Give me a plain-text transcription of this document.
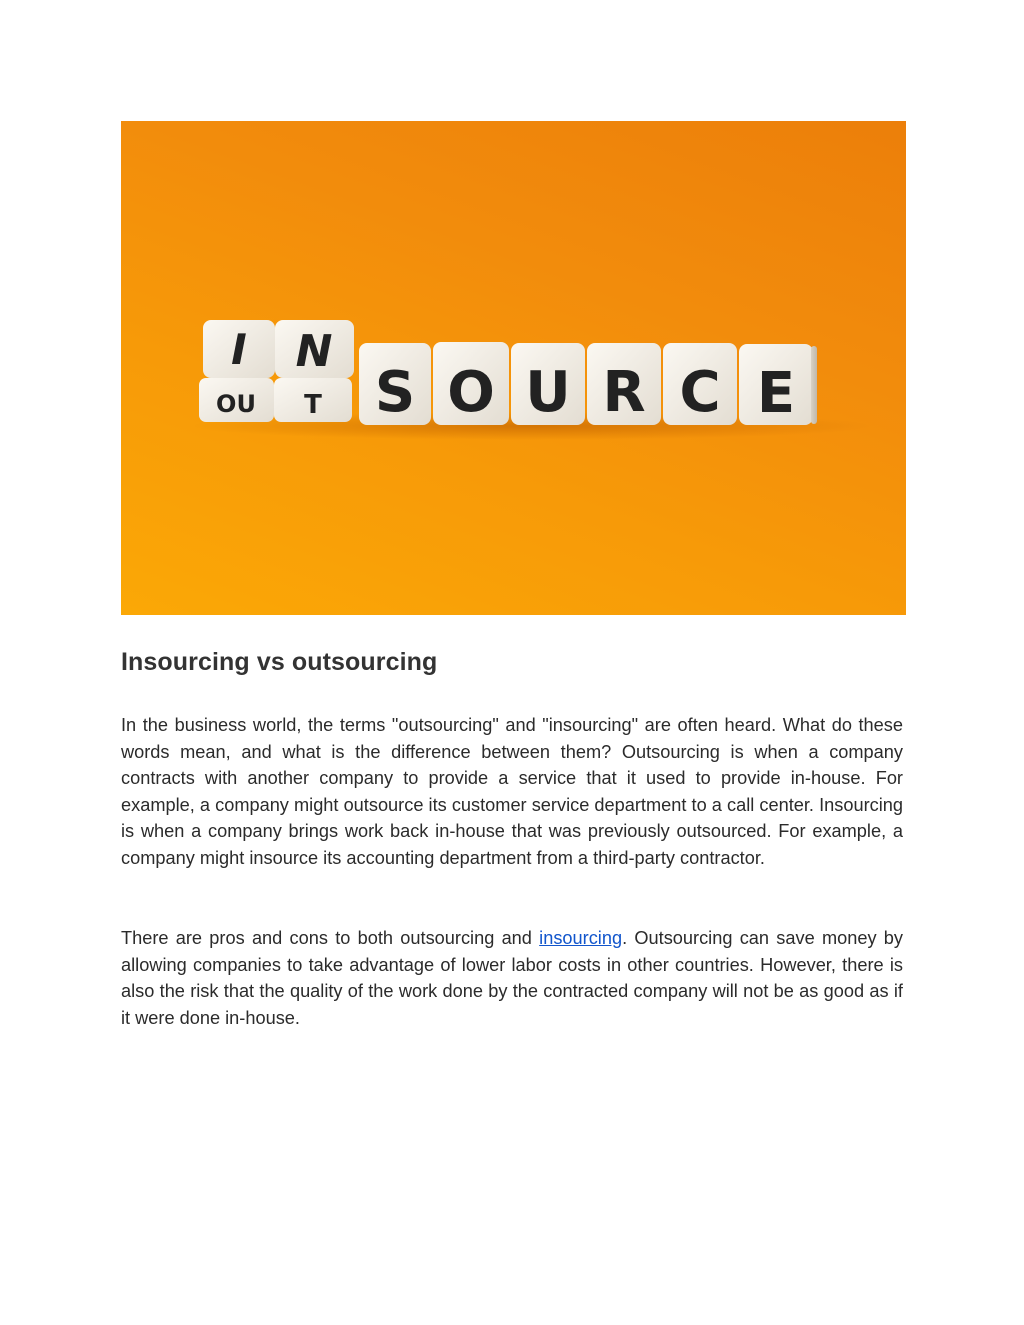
I N
OU T S O U R C E
Insourcing vs outsourcing

In the business world, the terms "outsourcing" and "insourcing" are often heard. What do these words mean, and what is the difference between them? Outsourcing is when a company contracts with another company to provide a service that it used to provide in-house. For example, a company might outsource its customer service department to a call center. Insourcing is when a company brings work back in-house that was previously outsourced. For example, a company might insource its accounting department from a third-party contractor.

There are pros and cons to both outsourcing and insourcing. Outsourcing can save money by allowing companies to take advantage of lower labor costs in other countries. However, there is also the risk that the quality of the work done by the contracted company will not be as good as if it were done in-house.
